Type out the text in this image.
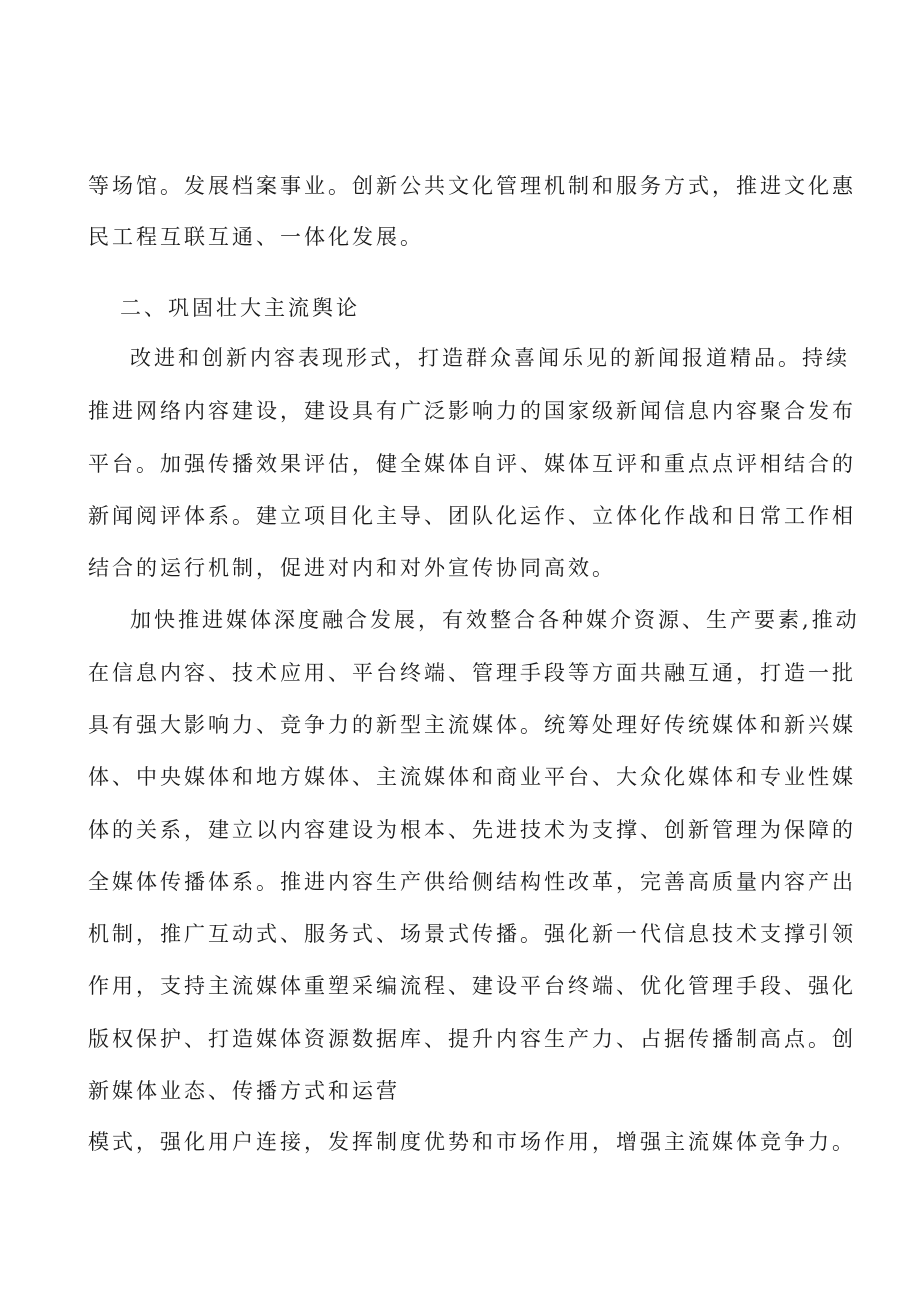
等场馆。发展档案事业。创新公共文化管理机制和服务方式，推进文化惠
民工程互联互通、一体化发展。
二、巩固壮大主流舆论
改进和创新内容表现形式，打造群众喜闻乐见的新闻报道精品。持续
推进网络内容建设，建设具有广泛影响力的国家级新闻信息内容聚合发布
平台。加强传播效果评估，健全媒体自评、媒体互评和重点点评相结合的
新闻阅评体系。建立项目化主导、团队化运作、立体化作战和日常工作相
结合的运行机制，促进对内和对外宣传协同高效。
加快推进媒体深度融合发展，有效整合各种媒介资源、生产要素,推动
在信息内容、技术应用、平台终端、管理手段等方面共融互通，打造一批
具有强大影响力、竞争力的新型主流媒体。统筹处理好传统媒体和新兴媒
体、中央媒体和地方媒体、主流媒体和商业平台、大众化媒体和专业性媒
体的关系，建立以内容建设为根本、先进技术为支撑、创新管理为保障的
全媒体传播体系。推进内容生产供给侧结构性改革，完善高质量内容产出
机制，推广互动式、服务式、场景式传播。强化新一代信息技术支撑引领
作用，支持主流媒体重塑采编流程、建设平台终端、优化管理手段、强化
版权保护、打造媒体资源数据库、提升内容生产力、占据传播制高点。创
新媒体业态、传播方式和运营
模式，强化用户连接，发挥制度优势和市场作用，增强主流媒体竞争力。
